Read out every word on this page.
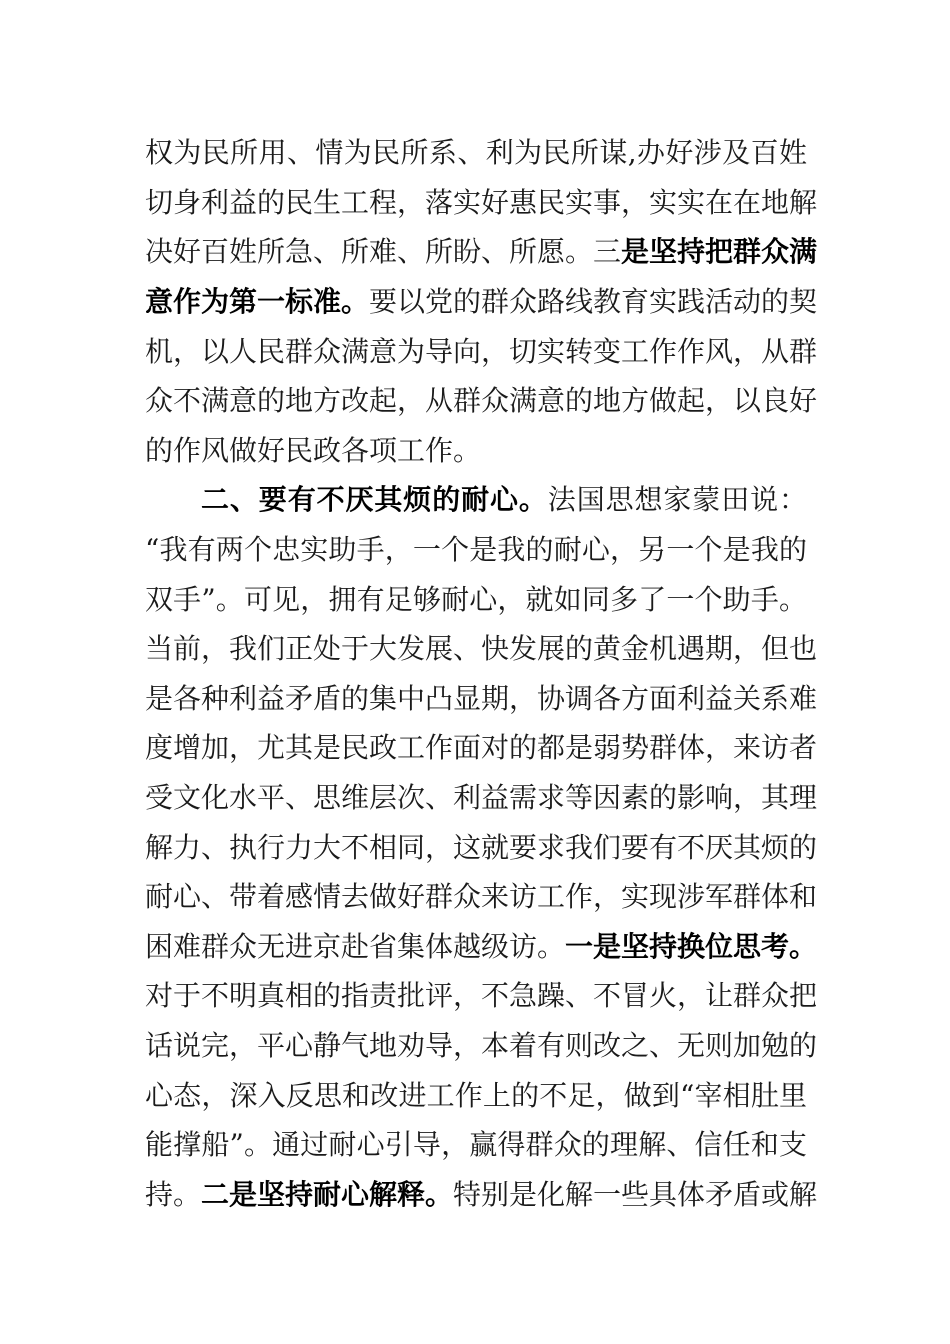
权为民所用、情为民所系、利为民所谋,办好涉及百姓
切身利益的民生工程，落实好惠民实事，实实在在地解
决好百姓所急、所难、所盼、所愿。三是坚持把群众满
意作为第一标准。要以党的群众路线教育实践活动的契
机，以人民群众满意为导向，切实转变工作作风，从群
众不满意的地方改起，从群众满意的地方做起，以良好
的作风做好民政各项工作。
二、要有不厌其烦的耐心。法国思想家蒙田说：
“我有两个忠实助手，一个是我的耐心，另一个是我的
双手”。可见，拥有足够耐心，就如同多了一个助手。
当前，我们正处于大发展、快发展的黄金机遇期，但也
是各种利益矛盾的集中凸显期，协调各方面利益关系难
度增加，尤其是民政工作面对的都是弱势群体，来访者
受文化水平、思维层次、利益需求等因素的影响，其理
解力、执行力大不相同，这就要求我们要有不厌其烦的
耐心、带着感情去做好群众来访工作，实现涉军群体和
困难群众无进京赴省集体越级访。一是坚持换位思考。
对于不明真相的指责批评，不急躁、不冒火，让群众把
话说完，平心静气地劝导，本着有则改之、无则加勉的
心态，深入反思和改进工作上的不足，做到“宰相肚里
能撑船”。通过耐心引导，赢得群众的理解、信任和支
持。二是坚持耐心解释。特别是化解一些具体矛盾或解
